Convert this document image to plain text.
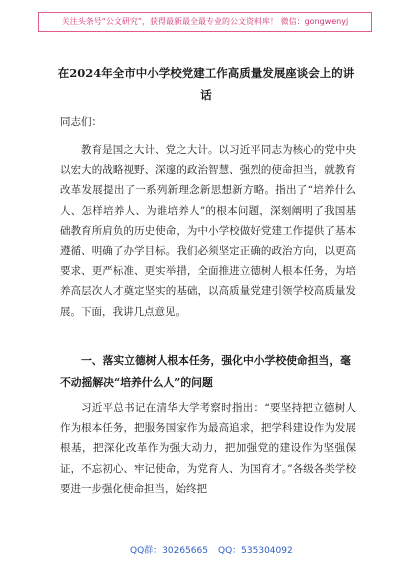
关注头条号“公文研究”，获得最新最全最专业的公文资料库！ 微信：gongwenyj
在2024年全市中小学校党建工作高质量发展座谈会上的讲话
同志们：
教育是国之大计、党之大计。以习近平同志为核心的党中央以宏大的战略视野、深邃的政治智慧、强烈的使命担当，就教育改革发展提出了一系列新理念新思想新方略。指出了“培养什么人、怎样培养人、为谁培养人”的根本问题，深刻阐明了我国基础教育所肩负的历史使命，为中小学校做好党建工作提供了基本遵循、明确了办学目标。我们必须坚定正确的政治方向，以更高要求、更严标准、更实举措，全面推进立德树人根本任务，为培养高层次人才奠定坚实的基础，以高质量党建引领学校高质量发展。下面，我讲几点意见。
一、落实立德树人根本任务，强化中小学校使命担当，毫不动摇解决“培养什么人”的问题
习近平总书记在清华大学考察时指出：“要坚持把立德树人作为根本任务，把服务国家作为最高追求，把学科建设作为发展根基，把深化改革作为强大动力，把加强党的建设作为坚强保证，不忘初心、牢记使命，为党育人、为国育才。”各级各类学校要进一步强化使命担当，始终把
QQ群：30265665 QQ：535304092
